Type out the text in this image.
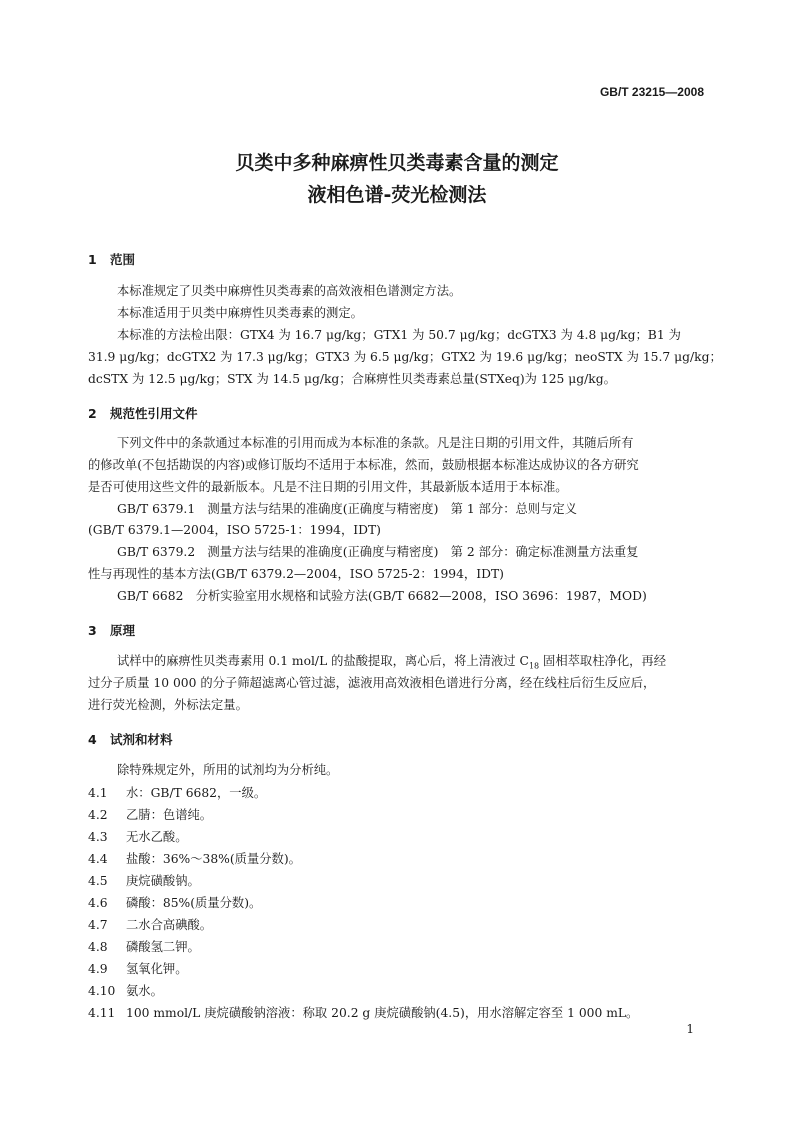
GB/T 23215—2008
贝类中多种麻痹性贝类毒素含量的测定
液相色谱-荧光检测法
1 范围
本标准规定了贝类中麻痹性贝类毒素的高效液相色谱测定方法。
本标准适用于贝类中麻痹性贝类毒素的测定。
本标准的方法检出限：GTX4 为 16.7 μg/kg；GTX1 为 50.7 μg/kg；dcGTX3 为 4.8 μg/kg；B1 为
31.9 μg/kg；dcGTX2 为 17.3 μg/kg；GTX3 为 6.5 μg/kg；GTX2 为 19.6 μg/kg；neoSTX 为 15.7 μg/kg；
dcSTX 为 12.5 μg/kg；STX 为 14.5 μg/kg；合麻痹性贝类毒素总量(STXeq)为 125 μg/kg。
2 规范性引用文件
下列文件中的条款通过本标准的引用而成为本标准的条款。凡是注日期的引用文件，其随后所有
的修改单(不包括勘误的内容)或修订版均不适用于本标准，然而，鼓励根据本标准达成协议的各方研究
是否可使用这些文件的最新版本。凡是不注日期的引用文件，其最新版本适用于本标准。
GB/T 6379.1　测量方法与结果的准确度(正确度与精密度)　第 1 部分：总则与定义
(GB/T 6379.1—2004，ISO 5725-1：1994，IDT)
GB/T 6379.2　测量方法与结果的准确度(正确度与精密度)　第 2 部分：确定标准测量方法重复
性与再现性的基本方法(GB/T 6379.2—2004，ISO 5725-2：1994，IDT)
GB/T 6682　分析实验室用水规格和试验方法(GB/T 6682—2008，ISO 3696：1987，MOD)
3 原理
试样中的麻痹性贝类毒素用 0.1 mol/L 的盐酸提取，离心后，将上清液过 $C_{18}$ 固相萃取柱净化，再经
过分子质量 10 000 的分子筛超滤离心管过滤，滤液用高效液相色谱进行分离，经在线柱后衍生反应后，
进行荧光检测，外标法定量。
4 试剂和材料
除特殊规定外，所用的试剂均为分析纯。
4.1 水：GB/T 6682，一级。
4.2 乙腈：色谱纯。
4.3 无水乙酸。
4.4 盐酸：36%～38%(质量分数)。
4.5 庚烷磺酸钠。
4.6 磷酸：85%(质量分数)。
4.7 二水合高碘酸。
4.8 磷酸氢二钾。
4.9 氢氧化钾。
4.10 氨水。
4.11 100 mmol/L 庚烷磺酸钠溶液：称取 20.2 g 庚烷磺酸钠(4.5)，用水溶解定容至 1 000 mL。
1
